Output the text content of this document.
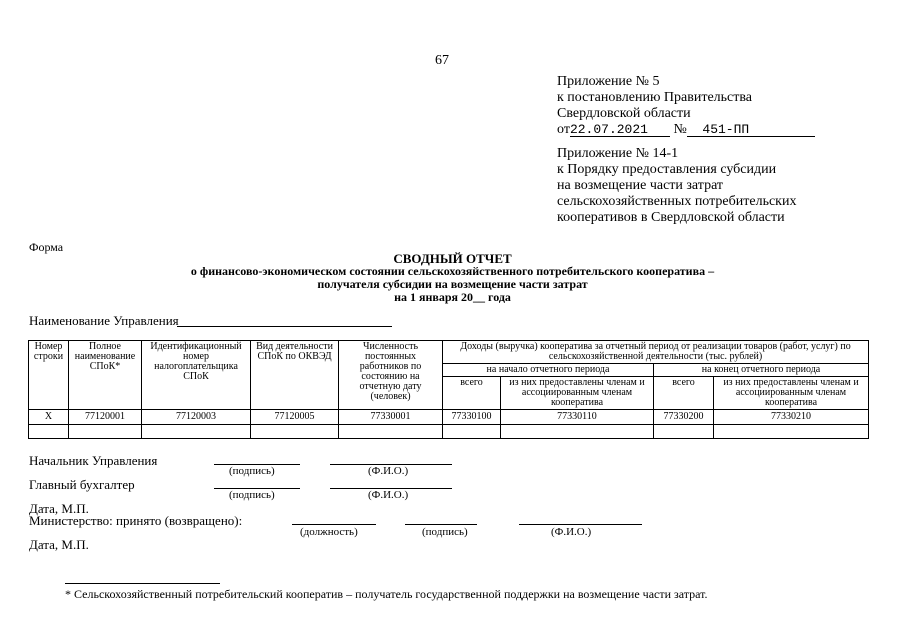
67
Приложение № 5
к постановлению Правительства
Свердловской области
от22.07.2021 № 451-ПП
Приложение № 14-1
к Порядку предоставления субсидии
на возмещение части затрат
сельскохозяйственных потребительских
кооперативов в Свердловской области
Форма
СВОДНЫЙ ОТЧЕТ
о финансово-экономическом состоянии сельскохозяйственного потребительского кооператива –
получателя субсидии на возмещение части затрат
на 1 января 20__ года
Наименование Управления
Номер строки	Полное наименование СПоК*	Идентификационный номер налогоплательщика СПоК	Вид деятельности СПоК по ОКВЭД	Численность постоянных работников по состоянию на отчетную дату (человек)	Доходы (выручка) кооператива за отчетный период от реализации товаров (работ, услуг) по сельскохозяйственной деятельности (тыс. рублей)			
					на начало отчетного периода		на конец отчетного периода	
					всего	из них предоставлены членам и ассоциированным членам кооператива	всего	из них предоставлены членам и ассоциированным членам кооператива
X	77120001	77120003	77120005	77330001	77330100	77330110	77330200	77330210

Начальник Управления
(подпись)	(Ф.И.О.)
Главный бухгалтер
(подпись)	(Ф.И.О.)
Дата, М.П.
Министерство: принято (возвращено):
(должность)	(подпись)	(Ф.И.О.)
Дата, М.П.
* Сельскохозяйственный потребительский кооператив – получатель государственной поддержки на возмещение части затрат.
